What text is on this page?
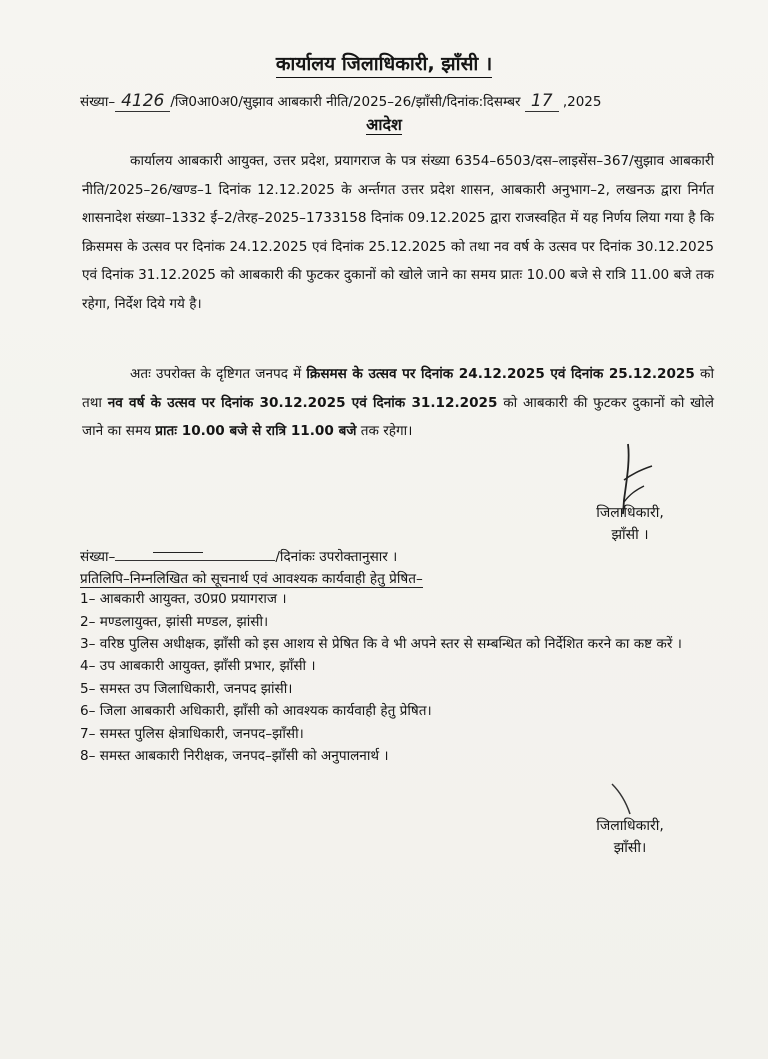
कार्यालय जिलाधिकारी, झाँसी ।
संख्या– 4126 /जि0आ0अ0/सुझाव आबकारी नीति/2025–26/झाँसी/दिनांक:दिसम्बर 17 ,2025
आदेश
कार्यालय आबकारी आयुक्त, उत्तर प्रदेश, प्रयागराज के पत्र संख्या 6354–6503/दस–लाइसेंस–367/सुझाव आबकारी नीति/2025–26/खण्ड–1 दिनांक 12.12.2025 के अर्न्तगत उत्तर प्रदेश शासन, आबकारी अनुभाग–2, लखनऊ द्वारा निर्गत शासनादेश संख्या–1332 ई–2/तेरह–2025–1733158 दिनांक 09.12.2025 द्वारा राजस्वहित में यह निर्णय लिया गया है कि क्रिसमस के उत्सव पर दिनांक 24.12.2025 एवं दिनांक 25.12.2025 को तथा नव वर्ष के उत्सव पर दिनांक 30.12.2025 एवं दिनांक 31.12.2025 को आबकारी की फुटकर दुकानों को खोले जाने का समय प्रातः 10.00 बजे से रात्रि 11.00 बजे तक रहेगा, निर्देश दिये गये है।
अतः उपरोक्त के दृष्टिगत जनपद में क्रिसमस के उत्सव पर दिनांक 24.12.2025 एवं दिनांक 25.12.2025 को तथा नव वर्ष के उत्सव पर दिनांक 30.12.2025 एवं दिनांक 31.12.2025 को आबकारी की फुटकर दुकानों को खोले जाने का समय प्रातः 10.00 बजे से रात्रि 11.00 बजे तक रहेगा।
जिलाधिकारी,
झाँसी ।
संख्या–	/दिनांकः उपरोक्तानुसार ।
प्रतिलिपि–निम्नलिखित को सूचनार्थ एवं आवश्यक कार्यवाही हेतु प्रेषित–
1– आबकारी आयुक्त, उ0प्र0 प्रयागराज ।
2– मण्डलायुक्त, झांसी मण्डल, झांसी।
3– वरिष्ठ पुलिस अधीक्षक, झाँसी को इस आशय से प्रेषित कि वे भी अपने स्तर से सम्बन्धित को निर्देशित करने का कष्ट करें ।
4– उप आबकारी आयुक्त, झाँसी प्रभार, झाँसी ।
5– समस्त उप जिलाधिकारी, जनपद झांसी।
6– जिला आबकारी अधिकारी, झाँसी को आवश्यक कार्यवाही हेतु प्रेषित।
7– समस्त पुलिस क्षेत्राधिकारी, जनपद–झाँसी।
8– समस्त आबकारी निरीक्षक, जनपद–झाँसी को अनुपालनार्थ ।
जिलाधिकारी,
झाँसी।
